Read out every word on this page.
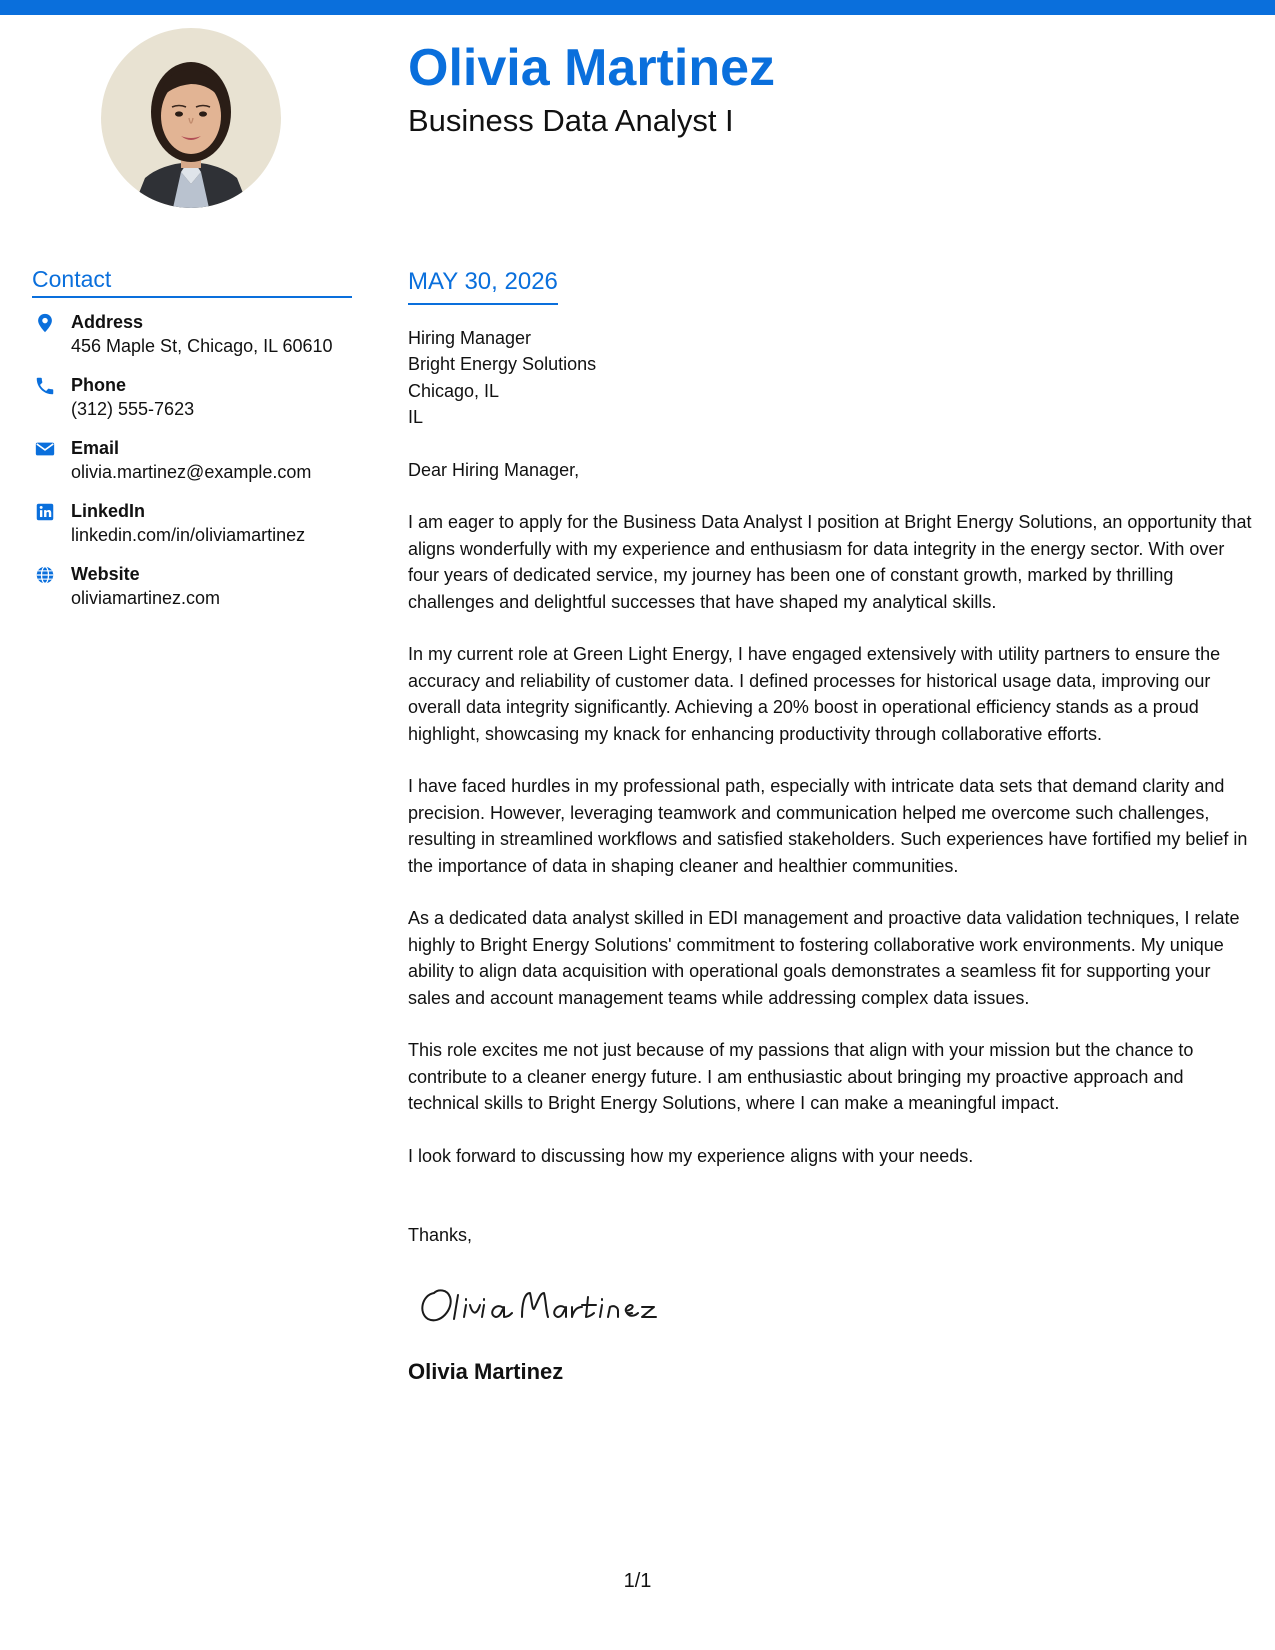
Olivia Martinez
Business Data Analyst I
Contact
Address
456 Maple St, Chicago, IL 60610
Phone
(312) 555-7623
Email
olivia.martinez@example.com
LinkedIn
linkedin.com/in/oliviamartinez
Website
oliviamartinez.com
MAY 30, 2026
Hiring Manager
Bright Energy Solutions
Chicago, IL
IL

Dear Hiring Manager,

I am eager to apply for the Business Data Analyst I position at Bright Energy Solutions, an opportunity that aligns wonderfully with my experience and enthusiasm for data integrity in the energy sector. With over four years of dedicated service, my journey has been one of constant growth, marked by thrilling challenges and delightful successes that have shaped my analytical skills.

In my current role at Green Light Energy, I have engaged extensively with utility partners to ensure the accuracy and reliability of customer data. I defined processes for historical usage data, improving our overall data integrity significantly. Achieving a 20% boost in operational efficiency stands as a proud highlight, showcasing my knack for enhancing productivity through collaborative efforts.

I have faced hurdles in my professional path, especially with intricate data sets that demand clarity and precision. However, leveraging teamwork and communication helped me overcome such challenges, resulting in streamlined workflows and satisfied stakeholders. Such experiences have fortified my belief in the importance of data in shaping cleaner and healthier communities.

As a dedicated data analyst skilled in EDI management and proactive data validation techniques, I relate highly to Bright Energy Solutions' commitment to fostering collaborative work environments. My unique ability to align data acquisition with operational goals demonstrates a seamless fit for supporting your sales and account management teams while addressing complex data issues.

This role excites me not just because of my passions that align with your mission but the chance to contribute to a cleaner energy future. I am enthusiastic about bringing my proactive approach and technical skills to Bright Energy Solutions, where I can make a meaningful impact.

I look forward to discussing how my experience aligns with your needs.

Thanks,

Olivia Martinez

1/1
